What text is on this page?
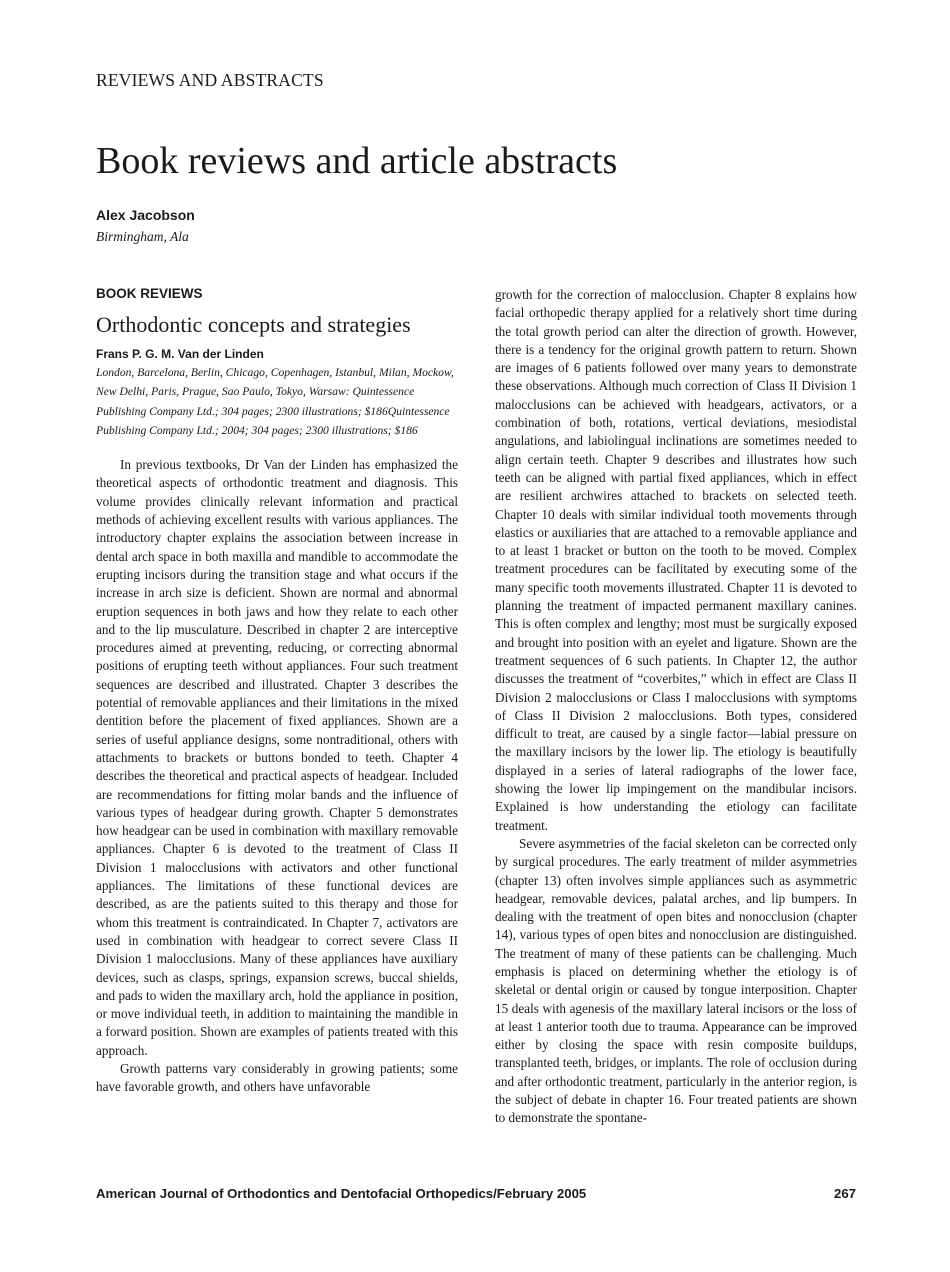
REVIEWS AND ABSTRACTS
Book reviews and article abstracts
Alex Jacobson
Birmingham, Ala
BOOK REVIEWS
Orthodontic concepts and strategies
Frans P. G. M. Van der Linden
London, Barcelona, Berlin, Chicago, Copenhagen, Istanbul, Milan, Mockow, New Delhi, Paris, Prague, Sao Paulo, Tokyo, Warsaw: Quintessence Publishing Company Ltd.; 304 pages; 2300 illustrations; $186Quintessence Publishing Company Ltd.; 2004; 304 pages; 2300 illustrations; $186

In previous textbooks, Dr Van der Linden has emphasized the theoretical aspects of orthodontic treatment and diagnosis. This volume provides clinically relevant information and practical methods of achieving excellent results with various appliances. The introductory chapter explains the association between increase in dental arch space in both maxilla and mandible to accommodate the erupting incisors during the transition stage and what occurs if the increase in arch size is deficient. Shown are normal and abnormal eruption sequences in both jaws and how they relate to each other and to the lip musculature. Described in chapter 2 are interceptive procedures aimed at preventing, reducing, or correcting abnormal positions of erupting teeth without appliances. Four such treatment sequences are described and illustrated. Chapter 3 describes the potential of removable appliances and their limitations in the mixed dentition before the placement of fixed appliances. Shown are a series of useful appliance designs, some nontraditional, others with attachments to brackets or buttons bonded to teeth. Chapter 4 describes the theoretical and practical aspects of headgear. Included are recommendations for fitting molar bands and the influence of various types of headgear during growth. Chapter 5 demonstrates how headgear can be used in combination with maxillary removable appliances. Chapter 6 is devoted to the treatment of Class II Division 1 malocclusions with activators and other functional appliances. The limitations of these functional devices are described, as are the patients suited to this therapy and those for whom this treatment is contraindicated. In Chapter 7, activators are used in combination with headgear to correct severe Class II Division 1 malocclusions. Many of these appliances have auxiliary devices, such as clasps, springs, expansion screws, buccal shields, and pads to widen the maxillary arch, hold the appliance in position, or move individual teeth, in addition to maintaining the mandible in a forward position. Shown are examples of patients treated with this approach.

Growth patterns vary considerably in growing patients; some have favorable growth, and others have unfavorable

growth for the correction of malocclusion. Chapter 8 explains how facial orthopedic therapy applied for a relatively short time during the total growth period can alter the direction of growth. However, there is a tendency for the original growth pattern to return. Shown are images of 6 patients followed over many years to demonstrate these observations. Although much correction of Class II Division 1 malocclusions can be achieved with headgears, activators, or a combination of both, rotations, vertical deviations, mesiodistal angulations, and labiolingual inclinations are sometimes needed to align certain teeth. Chapter 9 describes and illustrates how such teeth can be aligned with partial fixed appliances, which in effect are resilient archwires attached to brackets on selected teeth. Chapter 10 deals with similar individual tooth movements through elastics or auxiliaries that are attached to a removable appliance and to at least 1 bracket or button on the tooth to be moved. Complex treatment procedures can be facilitated by executing some of the many specific tooth movements illustrated. Chapter 11 is devoted to planning the treatment of impacted permanent maxillary canines. This is often complex and lengthy; most must be surgically exposed and brought into position with an eyelet and ligature. Shown are the treatment sequences of 6 such patients. In Chapter 12, the author discusses the treatment of “coverbites,” which in effect are Class II Division 2 malocclusions or Class I malocclusions with symptoms of Class II Division 2 malocclusions. Both types, considered difficult to treat, are caused by a single factor—labial pressure on the maxillary incisors by the lower lip. The etiology is beautifully displayed in a series of lateral radiographs of the lower face, showing the lower lip impingement on the mandibular incisors. Explained is how understanding the etiology can facilitate treatment.

Severe asymmetries of the facial skeleton can be corrected only by surgical procedures. The early treatment of milder asymmetries (chapter 13) often involves simple appliances such as asymmetric headgear, removable devices, palatal arches, and lip bumpers. In dealing with the treatment of open bites and nonocclusion (chapter 14), various types of open bites and nonocclusion are distinguished. The treatment of many of these patients can be challenging. Much emphasis is placed on determining whether the etiology is of skeletal or dental origin or caused by tongue interposition. Chapter 15 deals with agenesis of the maxillary lateral incisors or the loss of at least 1 anterior tooth due to trauma. Appearance can be improved either by closing the space with resin composite buildups, transplanted teeth, bridges, or implants. The role of occlusion during and after orthodontic treatment, particularly in the anterior region, is the subject of debate in chapter 16. Four treated patients are shown to demonstrate the spontane-

American Journal of Orthodontics and Dentofacial Orthopedics/February 2005	267
